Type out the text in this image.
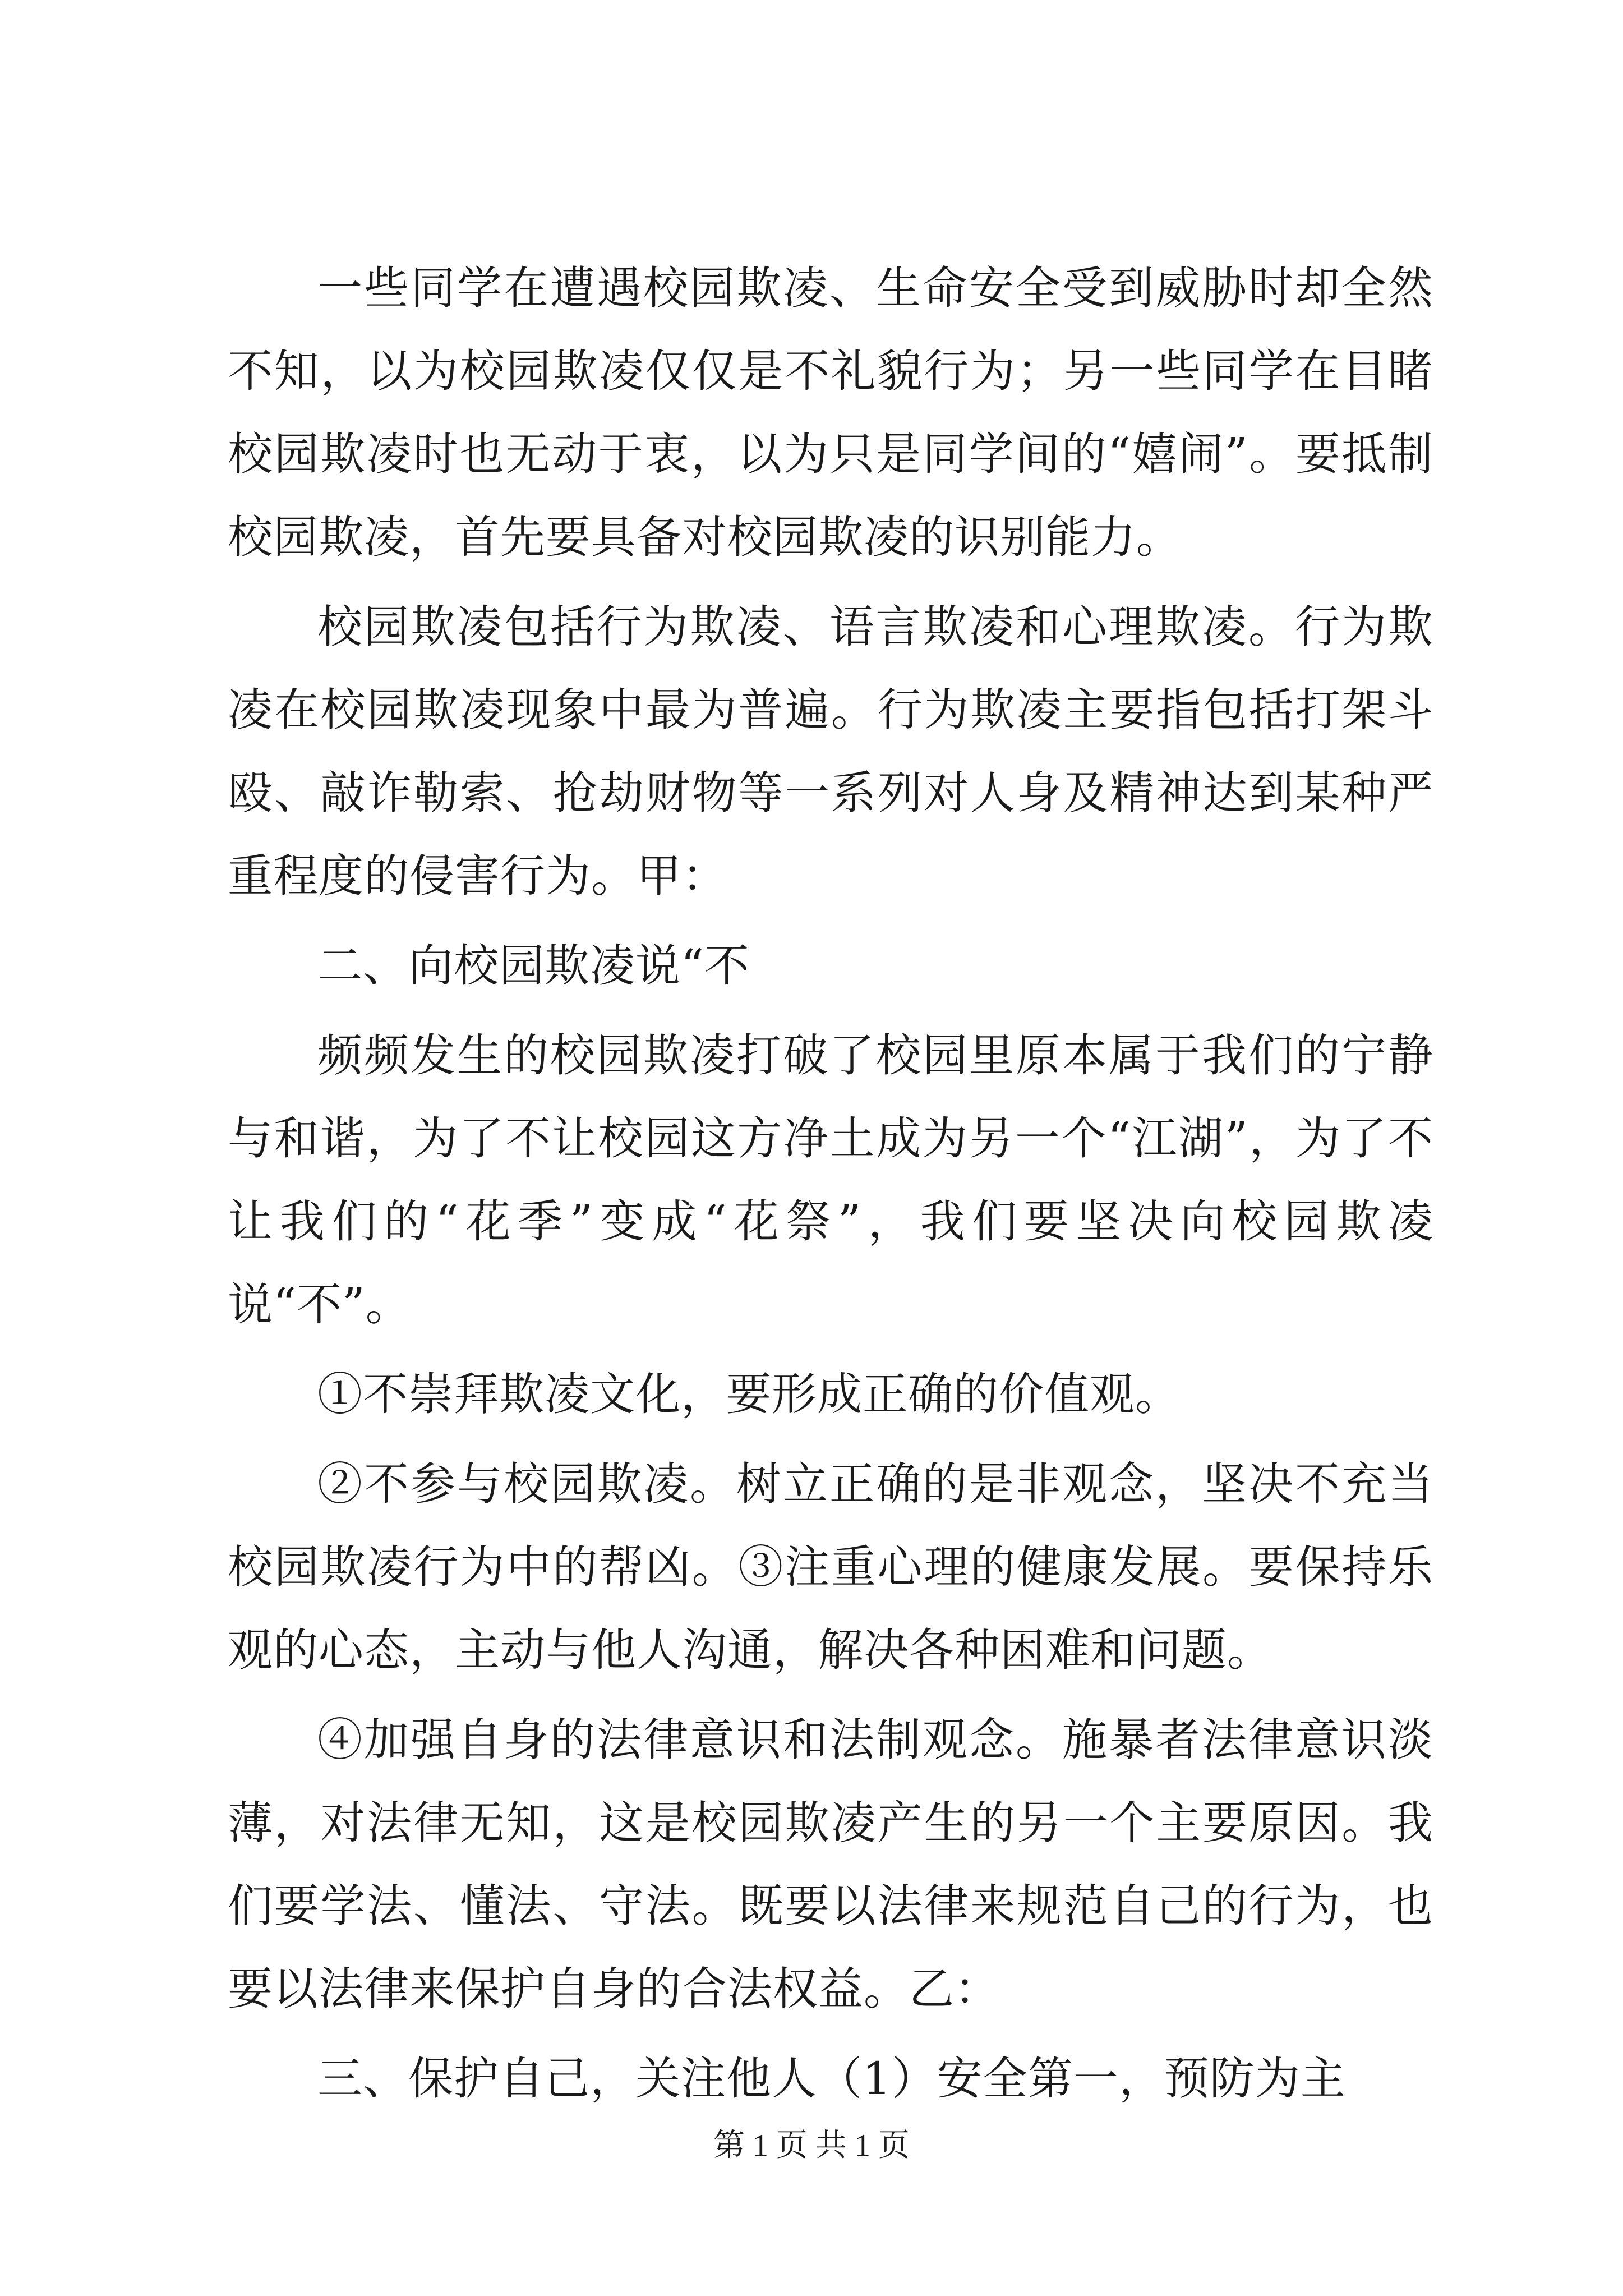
一些同学在遭遇校园欺凌、生命安全受到威胁时却全然不知，以为校园欺凌仅仅是不礼貌行为；另一些同学在目睹校园欺凌时也无动于衷，以为只是同学间的“嬉闹”。要抵制校园欺凌，首先要具备对校园欺凌的识别能力。

校园欺凌包括行为欺凌、语言欺凌和心理欺凌。行为欺凌在校园欺凌现象中最为普遍。行为欺凌主要指包括打架斗殴、敲诈勒索、抢劫财物等一系列对人身及精神达到某种严重程度的侵害行为。甲：

二、向校园欺凌说“不

频频发生的校园欺凌打破了校园里原本属于我们的宁静与和谐，为了不让校园这方净土成为另一个“江湖”，为了不让我们的“花季”变成“花祭”，我们要坚决向校园欺凌说“不”。

①不崇拜欺凌文化，要形成正确的价值观。

②不参与校园欺凌。树立正确的是非观念，坚决不充当校园欺凌行为中的帮凶。③注重心理的健康发展。要保持乐观的心态，主动与他人沟通，解决各种困难和问题。

④加强自身的法律意识和法制观念。施暴者法律意识淡薄，对法律无知，这是校园欺凌产生的另一个主要原因。我们要学法、懂法、守法。既要以法律来规范自己的行为，也要以法律来保护自身的合法权益。乙：

三、保护自己，关注他人（1）安全第一，预防为主

第 1 页 共 1 页
